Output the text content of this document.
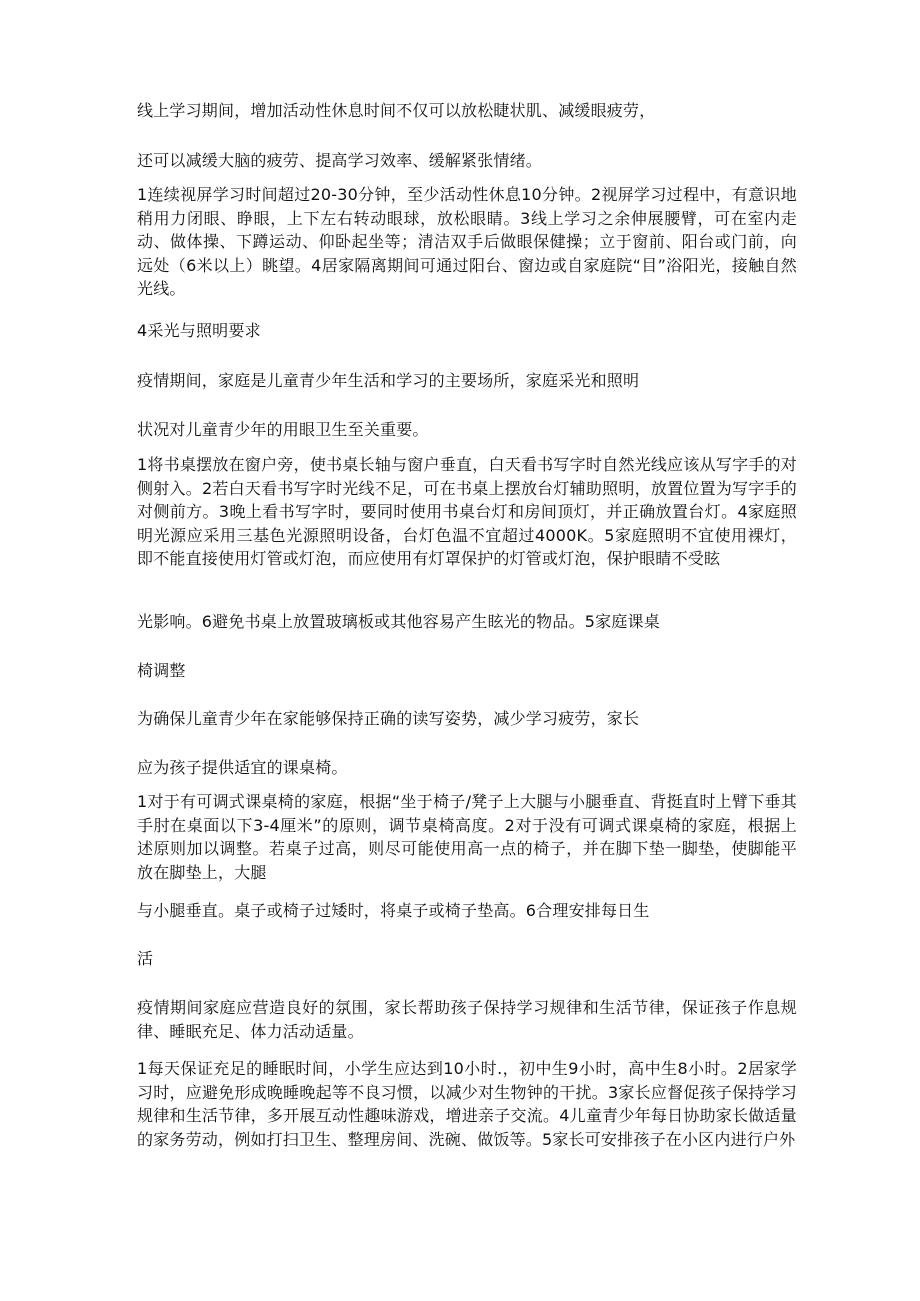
线上学习期间，增加活动性休息时间不仅可以放松睫状肌、减缓眼疲劳，

还可以减缓大脑的疲劳、提高学习效率、缓解紧张情绪。

1连续视屏学习时间超过20-30分钟，至少活动性休息10分钟。2视屏学习过程中，有意识地稍用力闭眼、睁眼，上下左右转动眼球，放松眼睛。3线上学习之余伸展腰臂，可在室内走动、做体操、下蹲运动、仰卧起坐等；清洁双手后做眼保健操；立于窗前、阳台或门前，向远处（6米以上）眺望。4居家隔离期间可通过阳台、窗边或自家庭院“目”浴阳光，接触自然光线。

4采光与照明要求

疫情期间，家庭是儿童青少年生活和学习的主要场所，家庭采光和照明

状况对儿童青少年的用眼卫生至关重要。

1将书桌摆放在窗户旁，使书桌长轴与窗户垂直，白天看书写字时自然光线应该从写字手的对侧射入。2若白天看书写字时光线不足，可在书桌上摆放台灯辅助照明，放置位置为写字手的对侧前方。3晚上看书写字时，要同时使用书桌台灯和房间顶灯，并正确放置台灯。4家庭照明光源应采用三基色光源照明设备，台灯色温不宜超过4000K。5家庭照明不宜使用裸灯，即不能直接使用灯管或灯泡，而应使用有灯罩保护的灯管或灯泡，保护眼睛不受眩

光影响。6避免书桌上放置玻璃板或其他容易产生眩光的物品。5家庭课桌

椅调整

为确保儿童青少年在家能够保持正确的读写姿势，减少学习疲劳，家长

应为孩子提供适宜的课桌椅。

1对于有可调式课桌椅的家庭，根据“坐于椅子/凳子上大腿与小腿垂直、背挺直时上臂下垂其手肘在桌面以下3-4厘米”的原则，调节桌椅高度。2对于没有可调式课桌椅的家庭，根据上述原则加以调整。若桌子过高，则尽可能使用高一点的椅子，并在脚下垫一脚垫，使脚能平放在脚垫上，大腿

与小腿垂直。桌子或椅子过矮时，将桌子或椅子垫高。6合理安排每日生

活

疫情期间家庭应营造良好的氛围，家长帮助孩子保持学习规律和生活节律，保证孩子作息规律、睡眠充足、体力活动适量。

1每天保证充足的睡眠时间，小学生应达到10小时.，初中生9小时，高中生8小时。2居家学习时，应避免形成晚睡晚起等不良习惯，以减少对生物钟的干扰。3家长应督促孩子保持学习规律和生活节律，多开展互动性趣味游戏，增进亲子交流。4儿童青少年每日协助家长做适量的家务劳动，例如打扫卫生、整理房间、洗碗、做饭等。5家长可安排孩子在小区内进行户外
